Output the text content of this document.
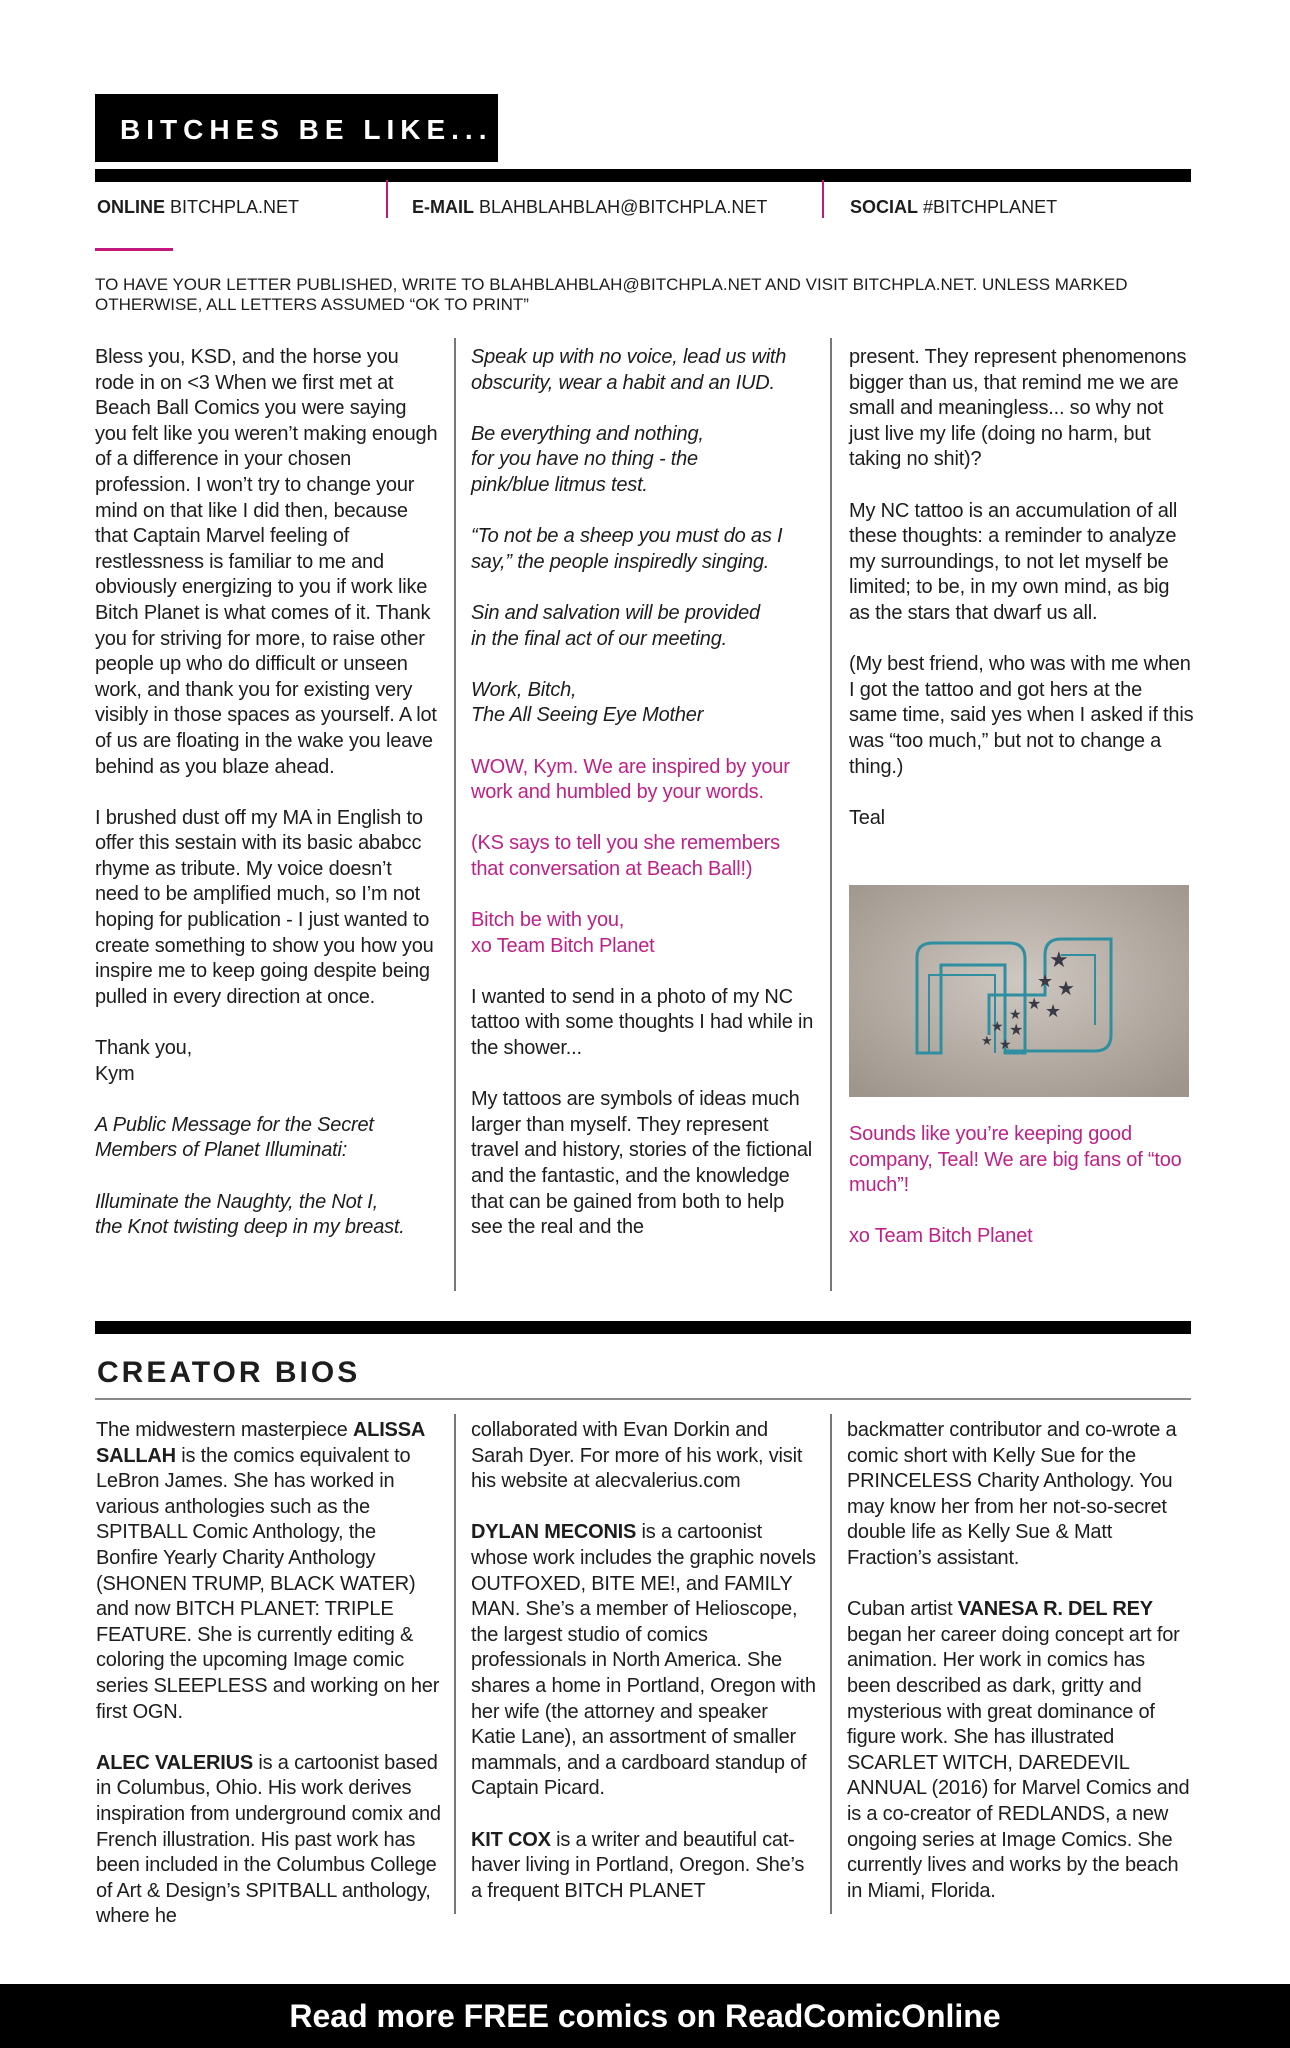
BITCHES BE LIKE...
ONLINE BITCHPLA.NET	E-MAIL BLAHBLAHBLAH@BITCHPLA.NET	SOCIAL #BITCHPLANET
TO HAVE YOUR LETTER PUBLISHED, WRITE TO BLAHBLAHBLAH@BITCHPLA.NET AND VISIT BITCHPLA.NET. UNLESS MARKED OTHERWISE, ALL LETTERS ASSUMED “OK TO PRINT”

Bless you, KSD, and the horse you rode in on <3 When we first met at Beach Ball Comics you were saying you felt like you weren’t making enough of a difference in your chosen profession. I won’t try to change your mind on that like I did then, because that Captain Marvel feeling of restlessness is familiar to me and obviously energizing to you if work like Bitch Planet is what comes of it. Thank you for striving for more, to raise other people up who do difficult or unseen work, and thank you for existing very visibly in those spaces as yourself. A lot of us are floating in the wake you leave behind as you blaze ahead.

I brushed dust off my MA in English to offer this sestain with its basic ababcc rhyme as tribute. My voice doesn’t need to be amplified much, so I’m not hoping for publication - I just wanted to create something to show you how you inspire me to keep going despite being pulled in every direction at once.

Thank you,
Kym

A Public Message for the Secret
Members of Planet Illuminati:

Illuminate the Naughty, the Not I,
the Knot twisting deep in my breast.

Speak up with no voice, lead us with
obscurity, wear a habit and an IUD.

Be everything and nothing,
for you have no thing - the
pink/blue litmus test.

“To not be a sheep you must do as I
say,” the people inspiredly singing.

Sin and salvation will be provided
in the final act of our meeting.

Work, Bitch,
The All Seeing Eye Mother

WOW, Kym. We are inspired by your work and humbled by your words.

(KS says to tell you she remembers that conversation at Beach Ball!)

Bitch be with you,
xo Team Bitch Planet

I wanted to send in a photo of my NC tattoo with some thoughts I had while in the shower...

My tattoos are symbols of ideas much larger than myself. They represent travel and history, stories of the fictional and the fantastic, and the knowledge that can be gained from both to help see the real and the

present. They represent phenomenons bigger than us, that remind me we are small and meaningless... so why not just live my life (doing no harm, but taking no shit)?

My NC tattoo is an accumulation of all these thoughts: a reminder to analyze my surroundings, to not let myself be limited; to be, in my own mind, as big as the stars that dwarf us all.

(My best friend, who was with me when I got the tattoo and got hers at the same time, said yes when I asked if this was “too much,” but not to change a thing.)

Teal

★
★ ★
★ ★
★
★ ★
★ ★

Sounds like you’re keeping good company, Teal! We are big fans of “too much”!

xo Team Bitch Planet

CREATOR BIOS

The midwestern masterpiece ALISSA SALLAH is the comics equivalent to LeBron James. She has worked in various anthologies such as the SPITBALL Comic Anthology, the Bonfire Yearly Charity Anthology (SHONEN TRUMP, BLACK WATER) and now BITCH PLANET: TRIPLE FEATURE. She is currently editing & coloring the upcoming Image comic series SLEEPLESS and working on her first OGN.

ALEC VALERIUS is a cartoonist based in Columbus, Ohio. His work derives inspiration from underground comix and French illustration. His past work has been included in the Columbus College of Art & Design’s SPITBALL anthology, where he

collaborated with Evan Dorkin and Sarah Dyer. For more of his work, visit his website at alecvalerius.com

DYLAN MECONIS is a cartoonist whose work includes the graphic novels OUTFOXED, BITE ME!, and FAMILY MAN. She’s a member of Helioscope, the largest studio of comics professionals in North America. She shares a home in Portland, Oregon with her wife (the attorney and speaker Katie Lane), an assortment of smaller mammals, and a cardboard standup of Captain Picard.

KIT COX is a writer and beautiful cat-haver living in Portland, Oregon. She’s a frequent BITCH PLANET

backmatter contributor and co-wrote a comic short with Kelly Sue for the PRINCELESS Charity Anthology. You may know her from her not-so-secret double life as Kelly Sue & Matt Fraction’s assistant.

Cuban artist VANESA R. DEL REY began her career doing concept art for animation. Her work in comics has been described as dark, gritty and mysterious with great dominance of figure work. She has illustrated SCARLET WITCH, DAREDEVIL ANNUAL (2016) for Marvel Comics and is a co-creator of REDLANDS, a new ongoing series at Image Comics. She currently lives and works by the beach in Miami, Florida.

Read more FREE comics on ReadComicOnline
